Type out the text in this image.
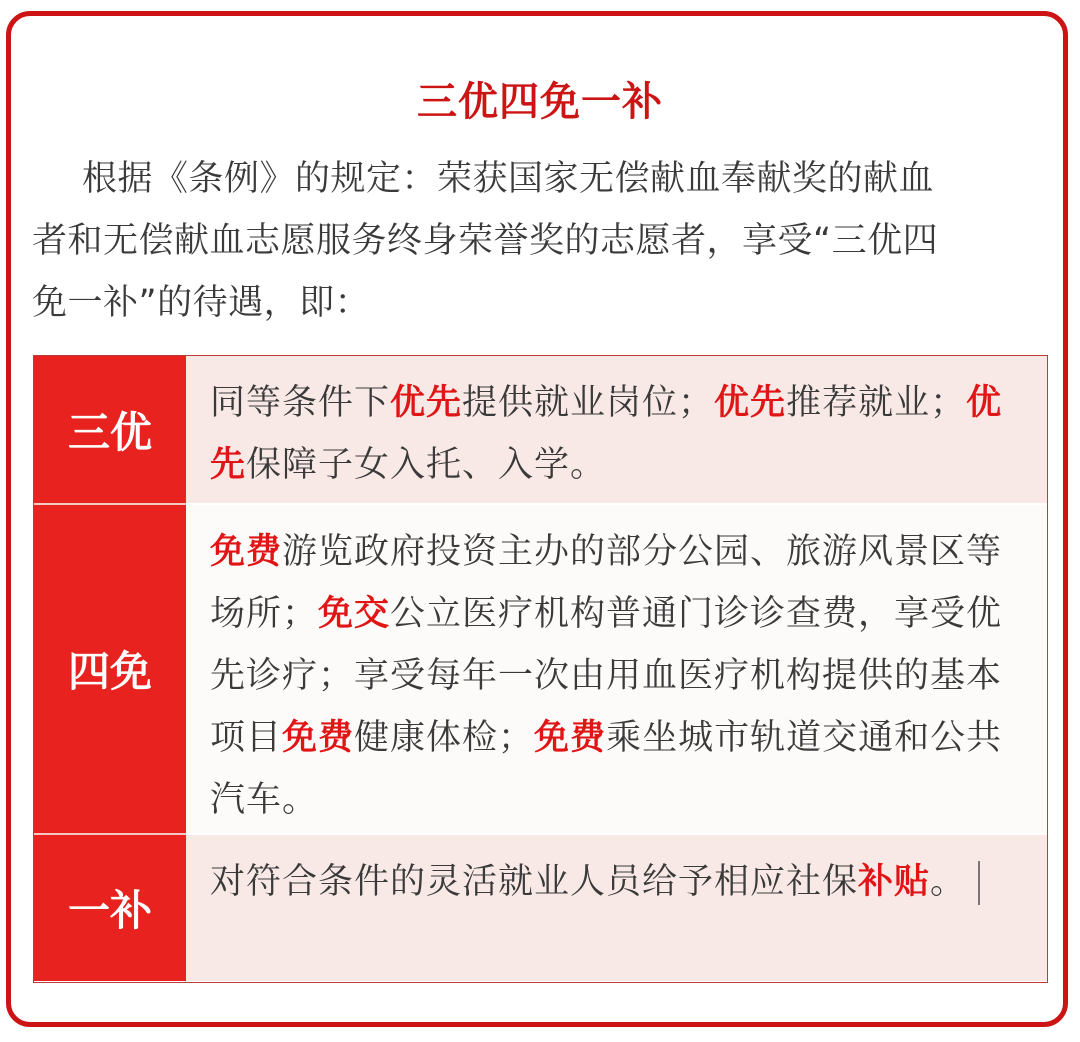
三优四免一补
根据《条例》的规定：荣获国家无偿献血奉献奖的献血
者和无偿献血志愿服务终身荣誉奖的志愿者，享受“三优四
免一补”的待遇，即：
三优
同等条件下优先提供就业岗位；优先推荐就业；优先保障子女入托、入学。
四免
免费游览政府投资主办的部分公园、旅游风景区等场所；免交公立医疗机构普通门诊诊查费，享受优先诊疗；享受每年一次由用血医疗机构提供的基本项目免费健康体检；免费乘坐城市轨道交通和公共汽车。
一补
对符合条件的灵活就业人员给予相应社保补贴。
